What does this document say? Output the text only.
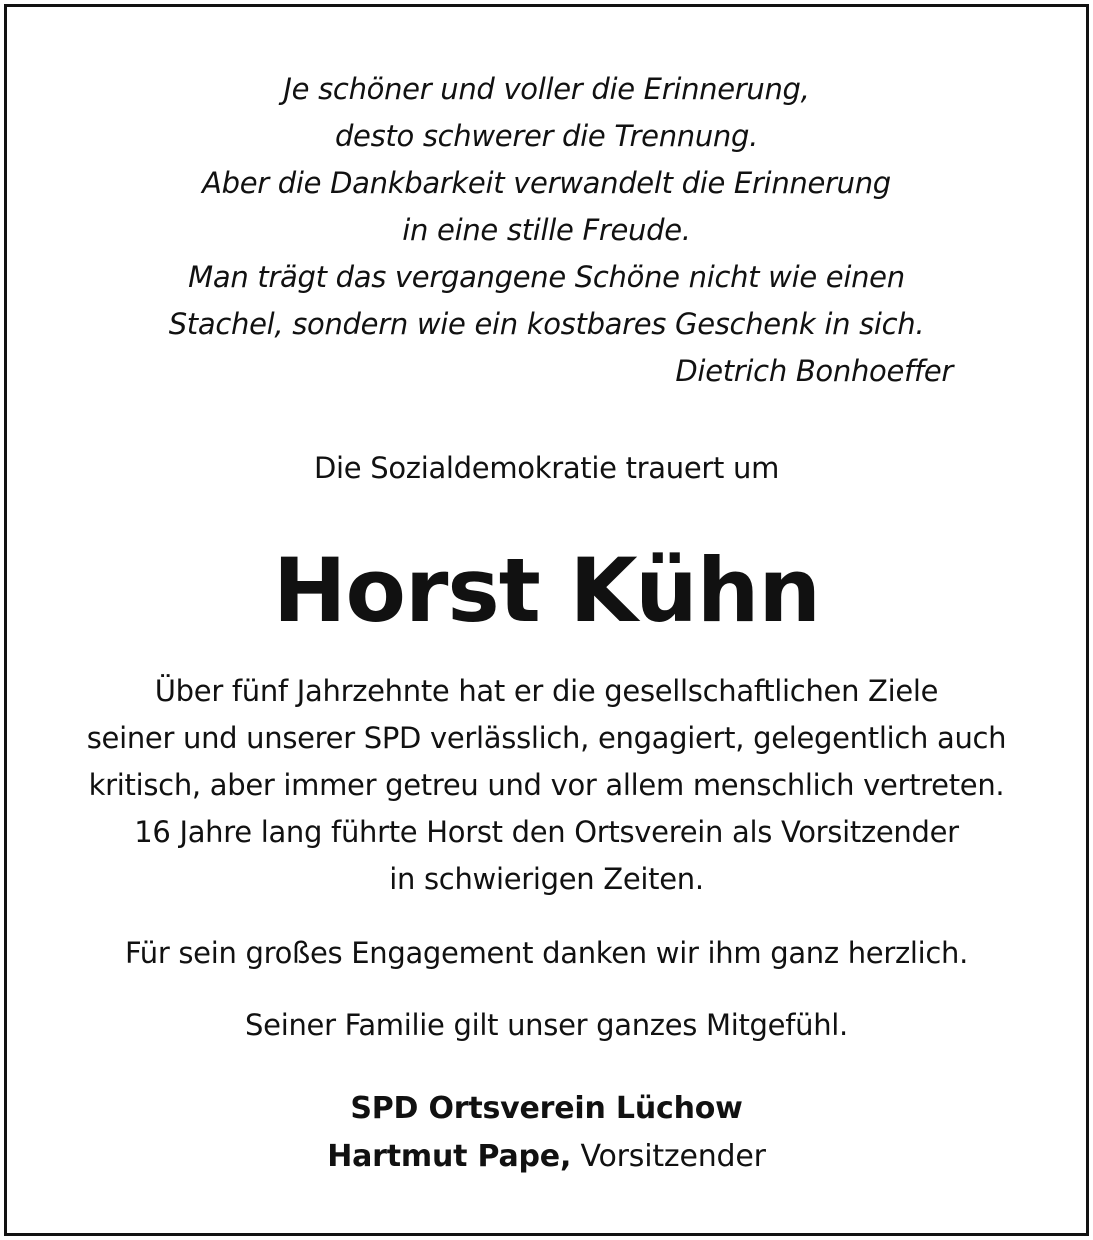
Je schöner und voller die Erinnerung,
desto schwerer die Trennung.
Aber die Dankbarkeit verwandelt die Erinnerung
in eine stille Freude.
Man trägt das vergangene Schöne nicht wie einen
Stachel, sondern wie ein kostbares Geschenk in sich.
Dietrich Bonhoeffer
Die Sozialdemokratie trauert um
Horst Kühn
Über fünf Jahrzehnte hat er die gesellschaftlichen Ziele
seiner und unserer SPD verlässlich, engagiert, gelegentlich auch
kritisch, aber immer getreu und vor allem menschlich vertreten.
16 Jahre lang führte Horst den Ortsverein als Vorsitzender
in schwierigen Zeiten.
Für sein großes Engagement danken wir ihm ganz herzlich.
Seiner Familie gilt unser ganzes Mitgefühl.
SPD Ortsverein Lüchow
Hartmut Pape, Vorsitzender
